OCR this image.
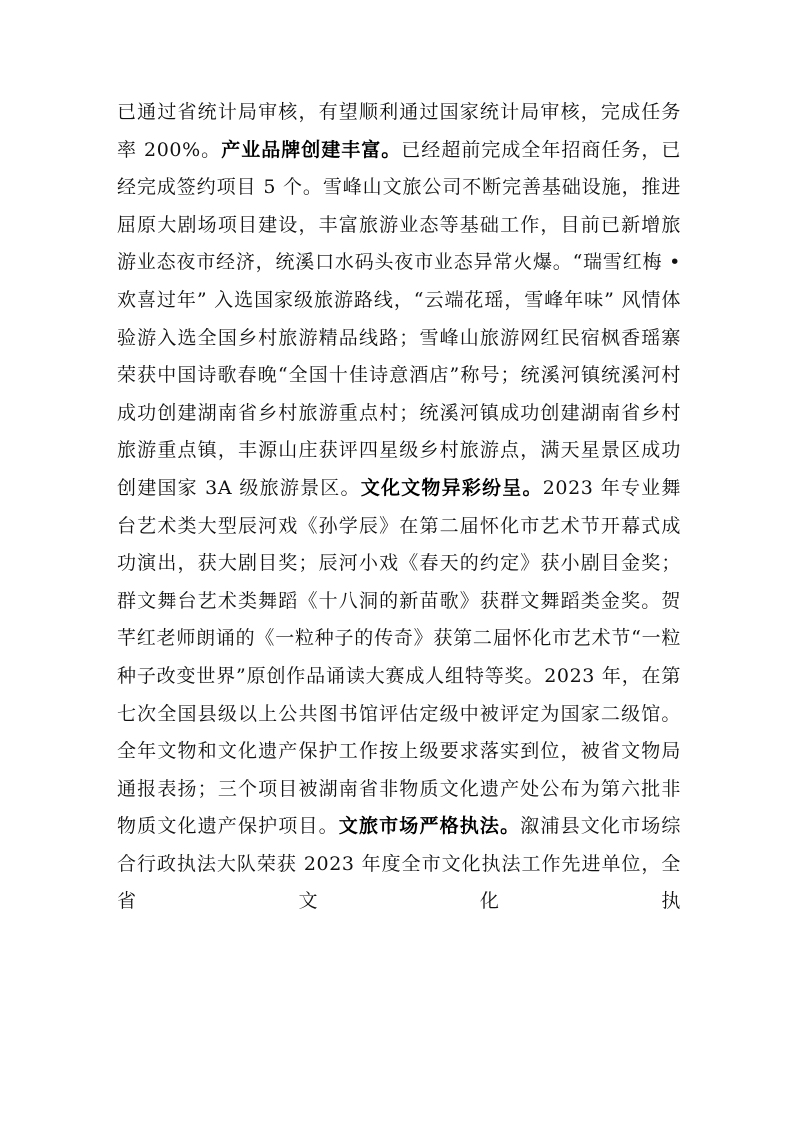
已通过省统计局审核，有望顺利通过国家统计局审核，完成任务率 200%。产业品牌创建丰富。已经超前完成全年招商任务，已经完成签约项目 5 个。雪峰山文旅公司不断完善基础设施，推进屈原大剧场项目建设，丰富旅游业态等基础工作，目前已新增旅游业态夜市经济，统溪口水码头夜市业态异常火爆。“瑞雪红梅 • 欢喜过年” 入选国家级旅游路线，“云端花瑶，雪峰年味” 风情体验游入选全国乡村旅游精品线路；雪峰山旅游网红民宿枫香瑶寨荣获中国诗歌春晚“全国十佳诗意酒店”称号；统溪河镇统溪河村成功创建湖南省乡村旅游重点村；统溪河镇成功创建湖南省乡村旅游重点镇，丰源山庄获评四星级乡村旅游点，满天星景区成功创建国家 3A 级旅游景区。文化文物异彩纷呈。2023 年专业舞台艺术类大型辰河戏《孙学辰》在第二届怀化市艺术节开幕式成功演出，获大剧目奖；辰河小戏《春天的约定》获小剧目金奖；群文舞台艺术类舞蹈《十八洞的新苗歌》获群文舞蹈类金奖。贺芊红老师朗诵的《一粒种子的传奇》获第二届怀化市艺术节“一粒种子改变世界”原创作品诵读大赛成人组特等奖。2023 年，在第七次全国县级以上公共图书馆评估定级中被评定为国家二级馆。全年文物和文化遗产保护工作按上级要求落实到位，被省文物局通报表扬；三个项目被湖南省非物质文化遗产处公布为第六批非物质文化遗产保护项目。文旅市场严格执法。溆浦县文化市场综合行政执法大队荣获 2023 年度全市文化执法工作先进单位，全省文化执
